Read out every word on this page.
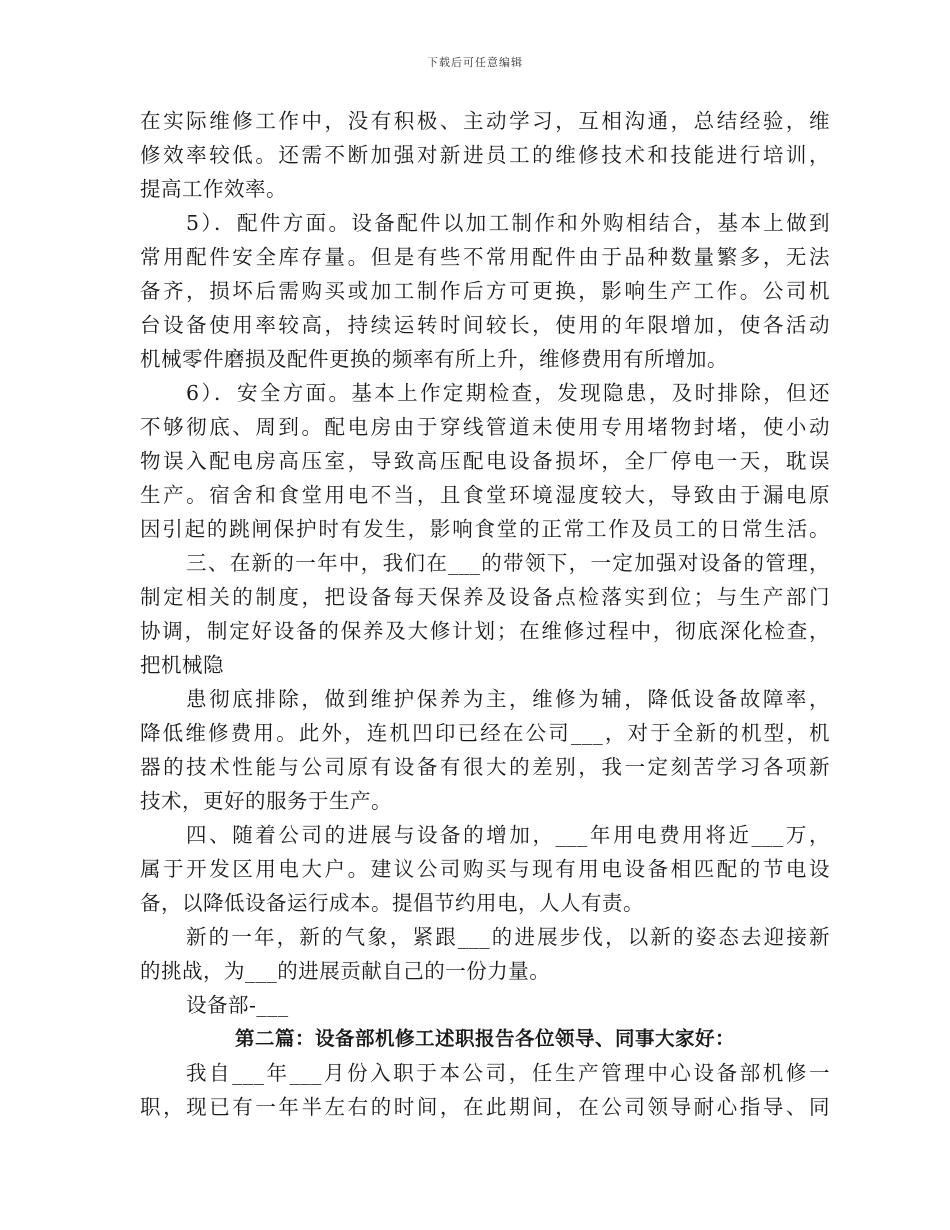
下载后可任意编辑
在实际维修工作中，没有积极、主动学习，互相沟通，总结经验，维
修效率较低。还需不断加强对新进员工的维修技术和技能进行培训，
提高工作效率。
5）．配件方面。设备配件以加工制作和外购相结合，基本上做到
常用配件安全库存量。但是有些不常用配件由于品种数量繁多，无法
备齐，损坏后需购买或加工制作后方可更换，影响生产工作。公司机
台设备使用率较高，持续运转时间较长，使用的年限增加，使各活动
机械零件磨损及配件更换的频率有所上升，维修费用有所增加。
6）．安全方面。基本上作定期检查，发现隐患，及时排除，但还
不够彻底、周到。配电房由于穿线管道未使用专用堵物封堵，使小动
物误入配电房高压室，导致高压配电设备损坏，全厂停电一天，耽误
生产。宿舍和食堂用电不当，且食堂环境湿度较大，导致由于漏电原
因引起的跳闸保护时有发生，影响食堂的正常工作及员工的日常生活。
三、在新的一年中，我们在___的带领下，一定加强对设备的管理，
制定相关的制度，把设备每天保养及设备点检落实到位；与生产部门
协调，制定好设备的保养及大修计划；在维修过程中，彻底深化检查，
把机械隐
患彻底排除，做到维护保养为主，维修为辅，降低设备故障率，
降低维修费用。此外，连机凹印已经在公司___，对于全新的机型，机
器的技术性能与公司原有设备有很大的差别，我一定刻苦学习各项新
技术，更好的服务于生产。
四、随着公司的进展与设备的增加，___年用电费用将近___万，
属于开发区用电大户。建议公司购买与现有用电设备相匹配的节电设
备，以降低设备运行成本。提倡节约用电，人人有责。
新的一年，新的气象，紧跟___的进展步伐，以新的姿态去迎接新
的挑战，为___的进展贡献自己的一份力量。
设备部-___
第二篇：设备部机修工述职报告各位领导、同事大家好：
我自___年___月份入职于本公司，任生产管理中心设备部机修一
职，现已有一年半左右的时间，在此期间，在公司领导耐心指导、同
